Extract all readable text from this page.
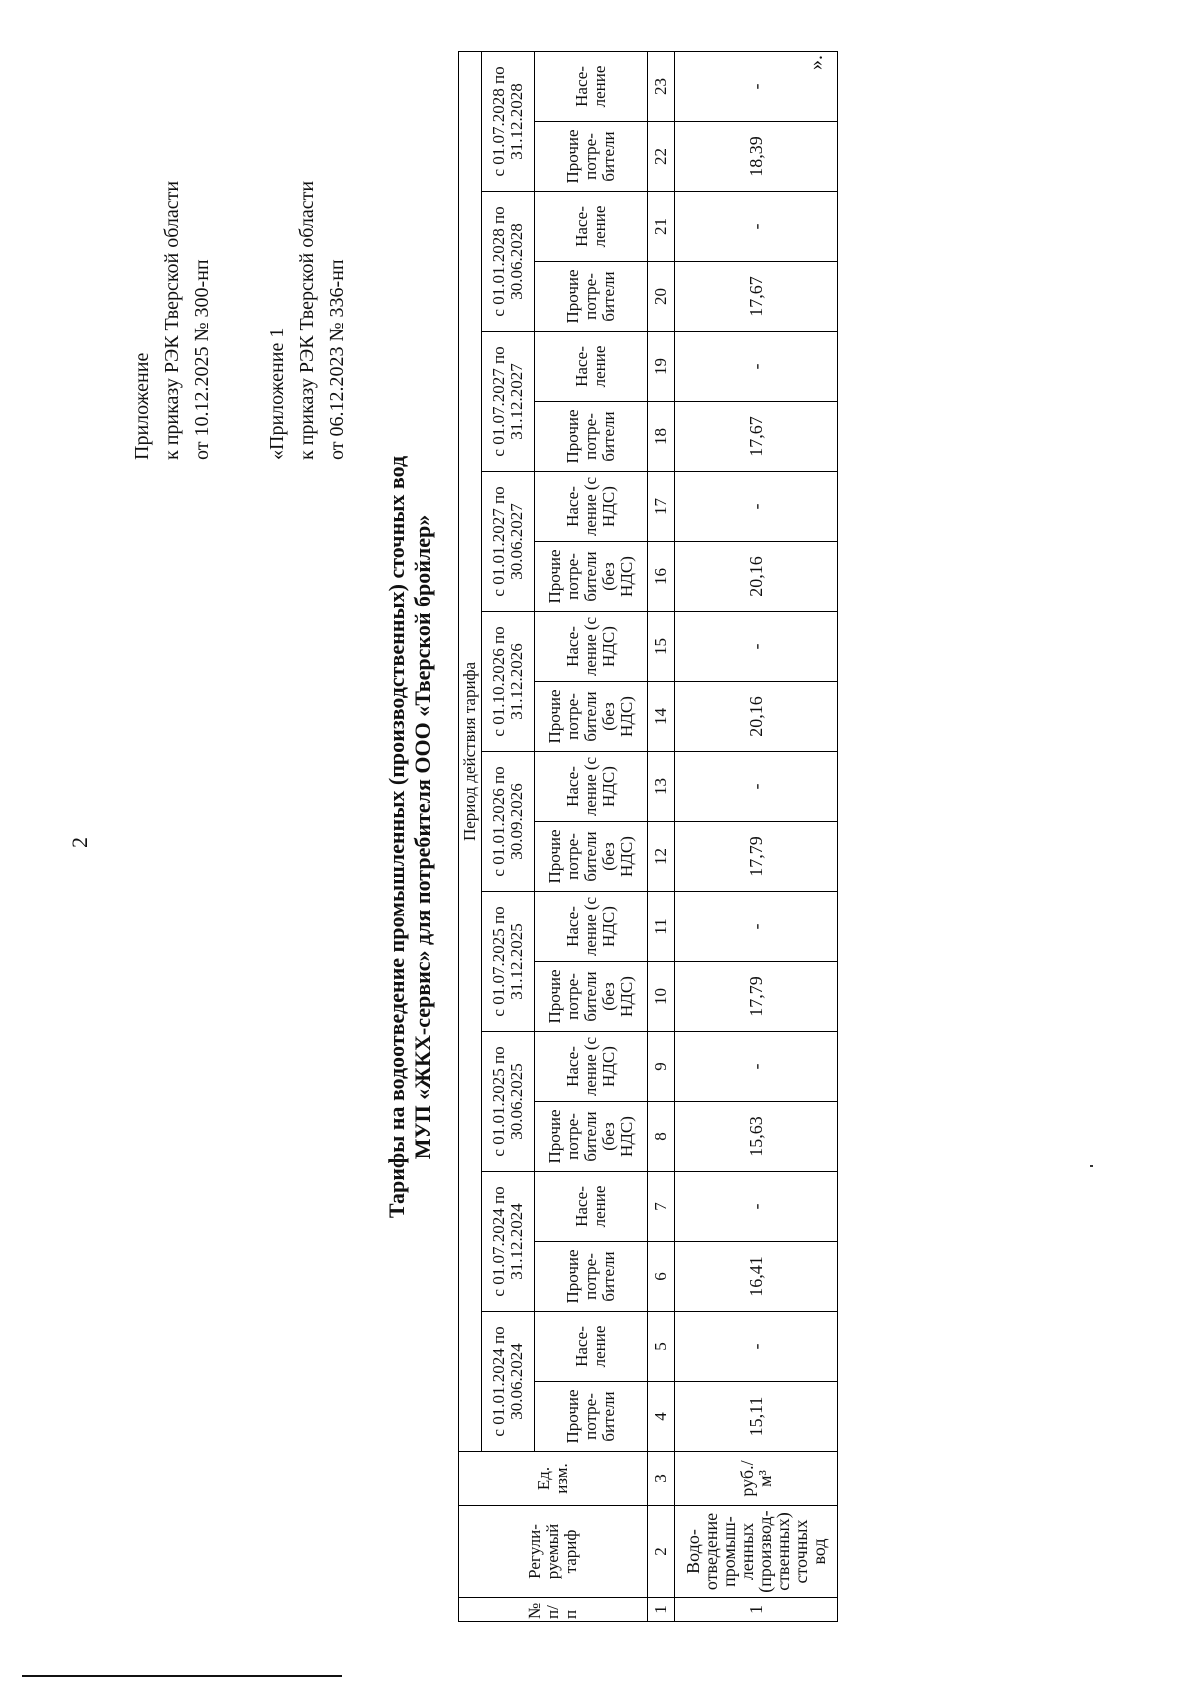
2
Приложение к приказу РЭК Тверской области от 10.12.2025 № 300-нп	«Приложение 1 к приказу РЭК Тверской области от 06.12.2023 № 336-нп
Тарифы на водоотведение промышленных (производственных) сточных вод МУП «ЖКХ-сервис» для потребителя ООО «Тверской бройлер»
№ п/п	Регули-руемый тариф	Ед. изм.	Период действия тарифа																			
			с 01.01.2024 по 30.06.2024		с 01.07.2024 по 31.12.2024		с 01.01.2025 по 30.06.2025		с 01.07.2025 по 31.12.2025		с 01.01.2026 по 30.09.2026		с 01.10.2026 по 31.12.2026		с 01.01.2027 по 30.06.2027		с 01.07.2027 по 31.12.2027		с 01.01.2028 по 30.06.2028		с 01.07.2028 по 31.12.2028	
			Прочие потре-бители	Насе-ление	Прочие потре-бители	Насе-ление	Прочие потре-бители (без НДС)	Насе-ление (с НДС)	Прочие потре-бители (без НДС)	Насе-ление (с НДС)	Прочие потре-бители (без НДС)	Насе-ление (с НДС)	Прочие потре-бители (без НДС)	Насе-ление (с НДС)	Прочие потре-бители (без НДС)	Насе-ление (с НДС)	Прочие потре-бители	Насе-ление	Прочие потре-бители	Насе-ление	Прочие потре-бители	Насе-ление
1	2	3	4	5	6	7	8	9	10	11	12	13	14	15	16	17	18	19	20	21	22	23
1	Водо-отведение промыш-ленных (производ-ственных) сточных вод	руб./м³	15,11	-	16,41	-	15,63	-	17,79	-	17,79	-	20,16	-	20,16	-	17,67	-	17,67	-	18,39	-
».
